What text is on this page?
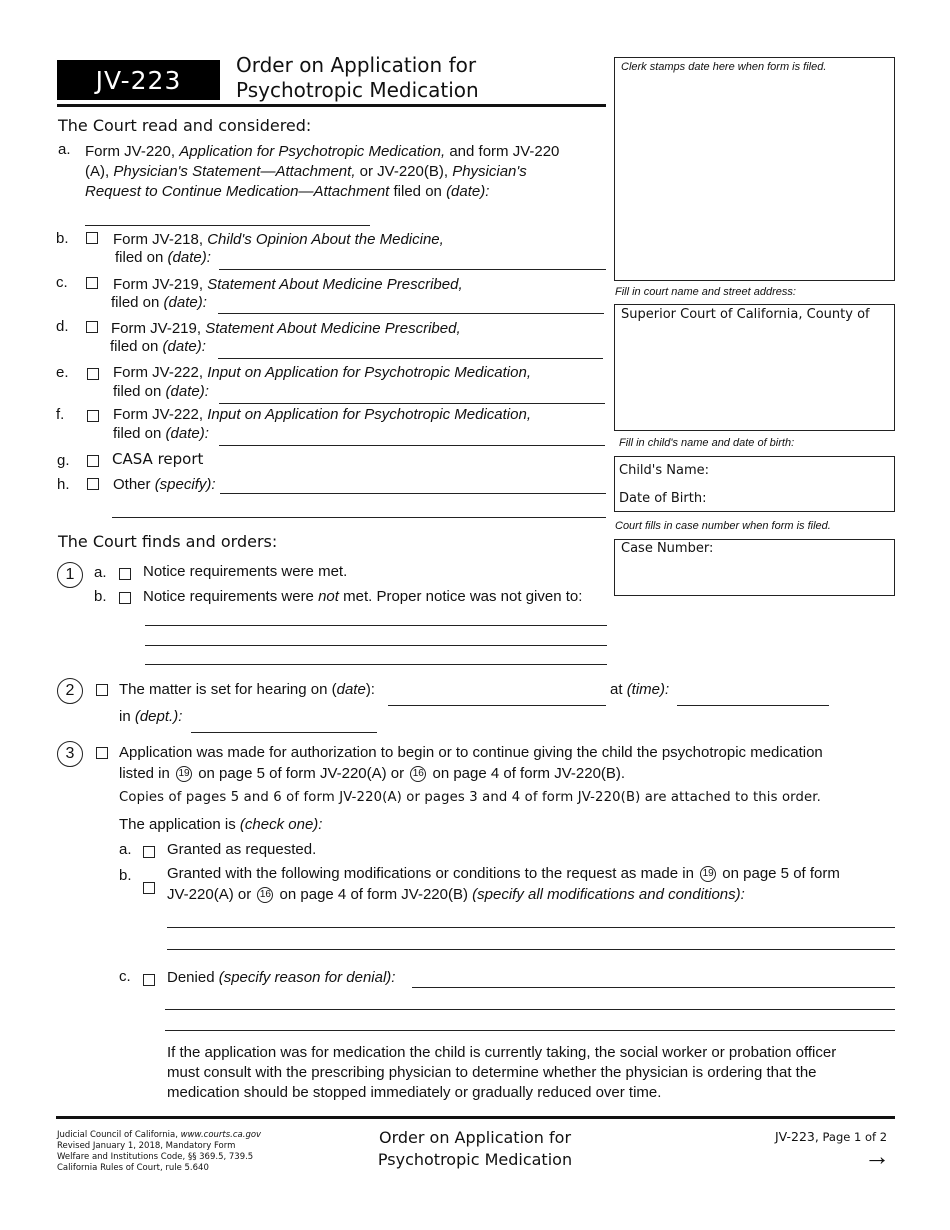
JV-223
Order on Application for
Psychotropic Medication
Clerk stamps date here when form is filed.
Fill in court name and street address:
Superior Court of California, County of
Fill in child's name and date of birth:
Child's Name:
Date of Birth:
Court fills in case number when form is filed.
Case Number:
The Court read and considered:
a. Form JV-220, Application for Psychotropic Medication, and form JV-220
(A), Physician's Statement—Attachment, or JV-220(B), Physician's
Request to Continue Medication—Attachment filed on (date):
b.	Form JV-218, Child's Opinion About the Medicine,
filed on (date):
c.	Form JV-219, Statement About Medicine Prescribed,
filed on (date):
d.	Form JV-219, Statement About Medicine Prescribed,
filed on (date):
e.	Form JV-222, Input on Application for Psychotropic Medication,
filed on (date):
f.	Form JV-222, Input on Application for Psychotropic Medication,
filed on (date):
g.	CASA report
h.	Other (specify):
The Court finds and orders:
1	a. Notice requirements were met.
b. Notice requirements were not met. Proper notice was not given to:
2	The matter is set for hearing on (date):	at (time):
in (dept.):
3	Application was made for authorization to begin or to continue giving the child the psychotropic medication
listed in 19 on page 5 of form JV-220(A) or 16 on page 4 of form JV-220(B).
Copies of pages 5 and 6 of form JV-220(A) or pages 3 and 4 of form JV-220(B) are attached to this order.
The application is (check one):
a. Granted as requested.
b. Granted with the following modifications or conditions to the request as made in 19 on page 5 of form
JV-220(A) or 16 on page 4 of form JV-220(B) (specify all modifications and conditions):
c. Denied (specify reason for denial):
If the application was for medication the child is currently taking, the social worker or probation officer
must consult with the prescribing physician to determine whether the physician is ordering that the
medication should be stopped immediately or gradually reduced over time.
Judicial Council of California, www.courts.ca.gov
Revised January 1, 2018, Mandatory Form
Welfare and Institutions Code, §§ 369.5, 739.5
California Rules of Court, rule 5.640
Order on Application for
Psychotropic Medication
JV-223, Page 1 of 2
→
